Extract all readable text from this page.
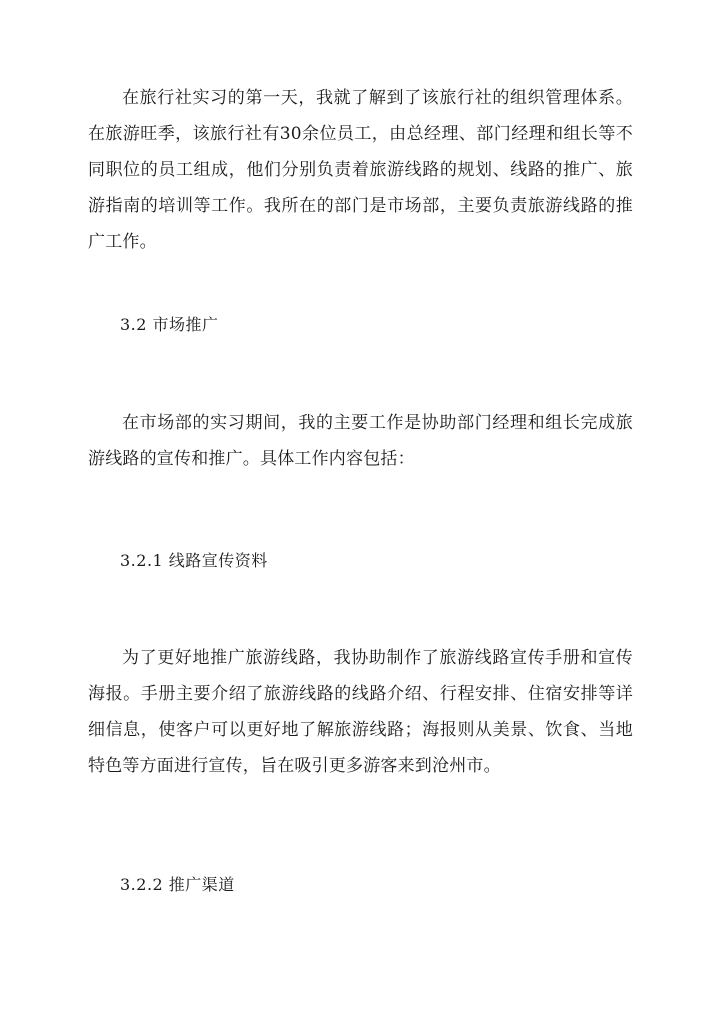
在旅行社实习的第一天，我就了解到了该旅行社的组织管理体系。在旅游旺季，该旅行社有30余位员工，由总经理、部门经理和组长等不同职位的员工组成，他们分别负责着旅游线路的规划、线路的推广、旅游指南的培训等工作。我所在的部门是市场部，主要负责旅游线路的推广工作。

3.2 市场推广

在市场部的实习期间，我的主要工作是协助部门经理和组长完成旅游线路的宣传和推广。具体工作内容包括：

3.2.1 线路宣传资料

为了更好地推广旅游线路，我协助制作了旅游线路宣传手册和宣传海报。手册主要介绍了旅游线路的线路介绍、行程安排、住宿安排等详细信息，使客户可以更好地了解旅游线路；海报则从美景、饮食、当地特色等方面进行宣传，旨在吸引更多游客来到沧州市。

3.2.2 推广渠道
